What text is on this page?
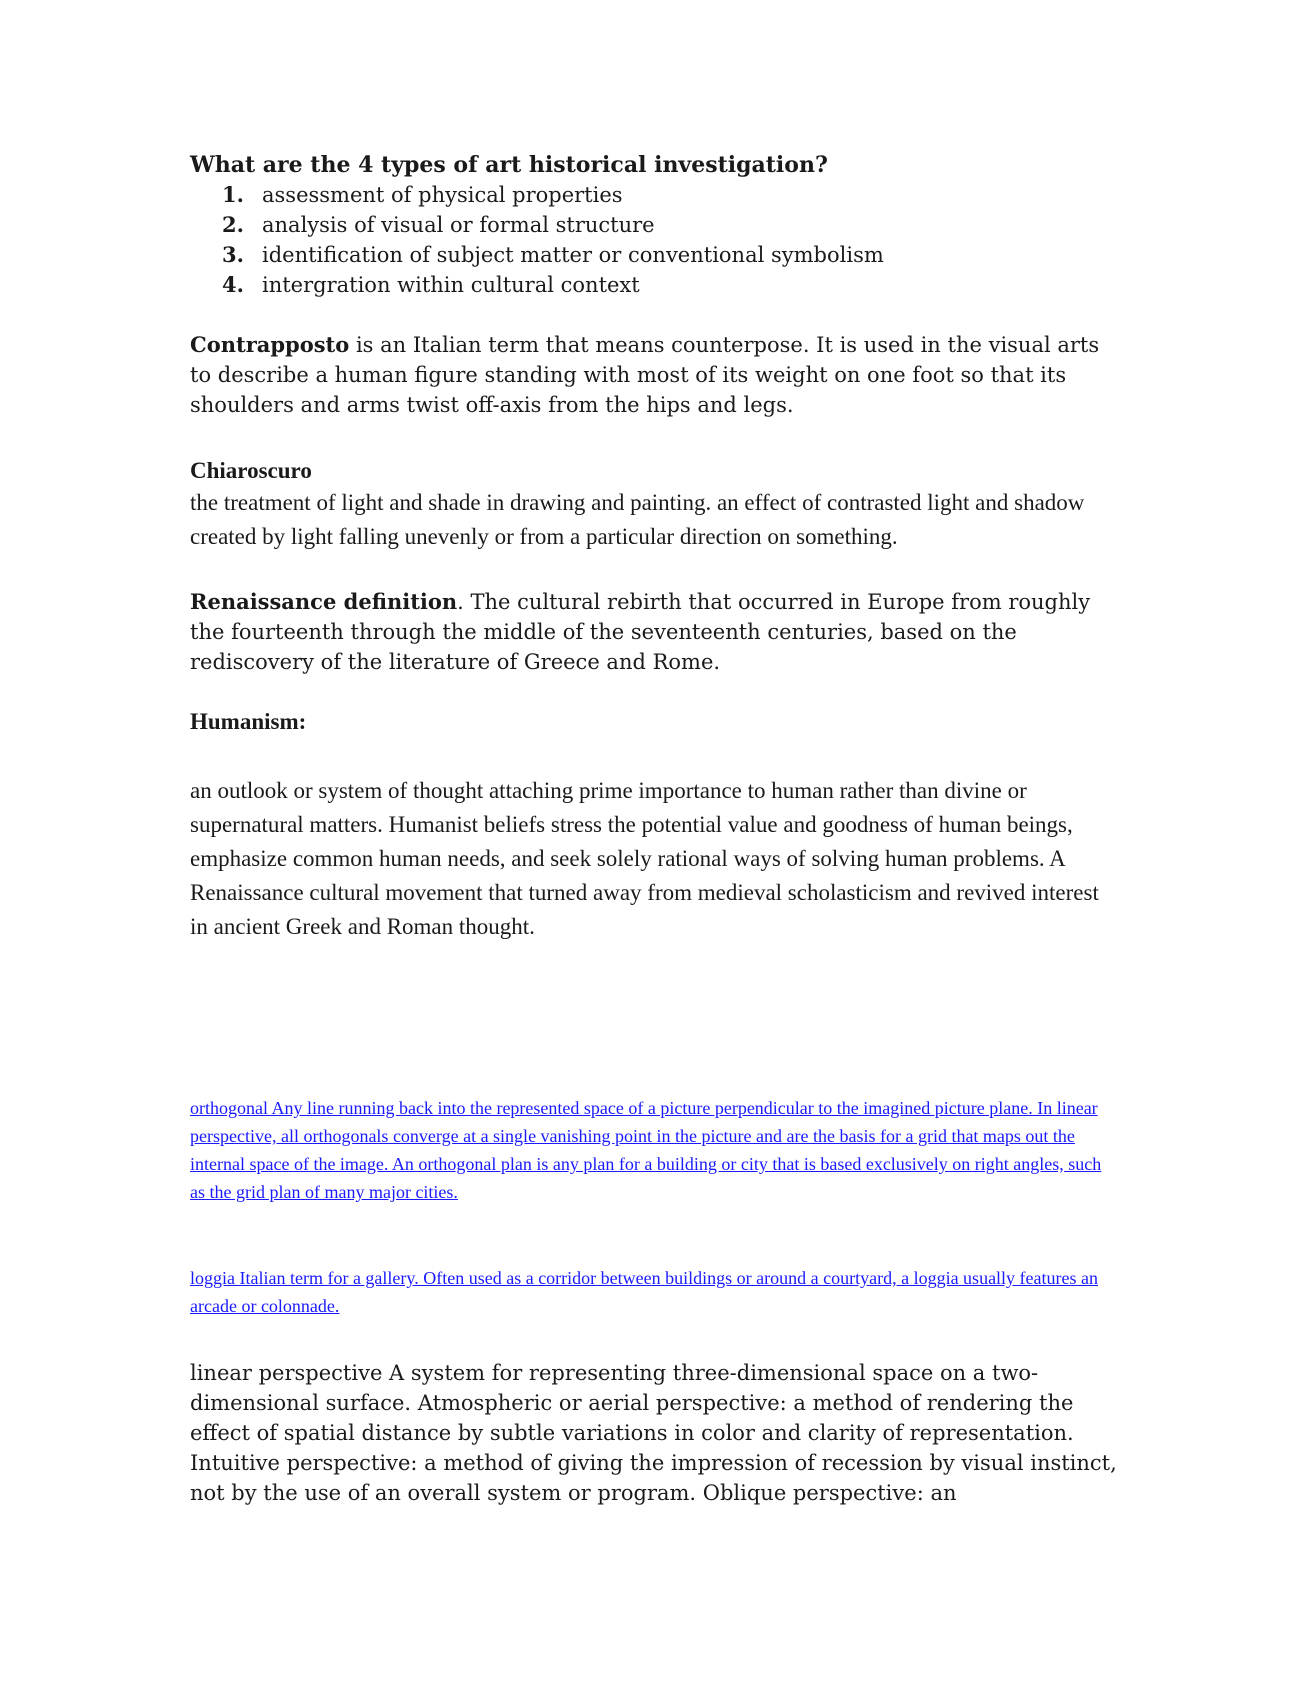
What are the 4 types of art historical investigation?

1. assessment of physical properties
2. analysis of visual or formal structure
3. identification of subject matter or conventional symbolism
4. intergration within cultural context

Contrapposto is an Italian term that means counterpose. It is used in the visual arts to describe a human figure standing with most of its weight on one foot so that its shoulders and arms twist off-axis from the hips and legs.

Chiaroscuro

the treatment of light and shade in drawing and painting. an effect of contrasted light and shadow created by light falling unevenly or from a particular direction on something.

Renaissance definition. The cultural rebirth that occurred in Europe from roughly the fourteenth through the middle of the seventeenth centuries, based on the rediscovery of the literature of Greece and Rome.

Humanism:

an outlook or system of thought attaching prime importance to human rather than divine or supernatural matters. Humanist beliefs stress the potential value and goodness of human beings, emphasize common human needs, and seek solely rational ways of solving human problems. A Renaissance cultural movement that turned away from medieval scholasticism and revived interest in ancient Greek and Roman thought.

orthogonal Any line running back into the represented space of a picture perpendicular to the imagined picture plane. In linear perspective, all orthogonals converge at a single vanishing point in the picture and are the basis for a grid that maps out the internal space of the image. An orthogonal plan is any plan for a building or city that is based exclusively on right angles, such as the grid plan of many major cities.

loggia Italian term for a gallery. Often used as a corridor between buildings or around a courtyard, a loggia usually features an arcade or colonnade.

linear perspective A system for representing three-dimensional space on a two-dimensional surface. Atmospheric or aerial perspective: a method of rendering the effect of spatial distance by subtle variations in color and clarity of representation. Intuitive perspective: a method of giving the impression of recession by visual instinct, not by the use of an overall system or program. Oblique perspective: an
